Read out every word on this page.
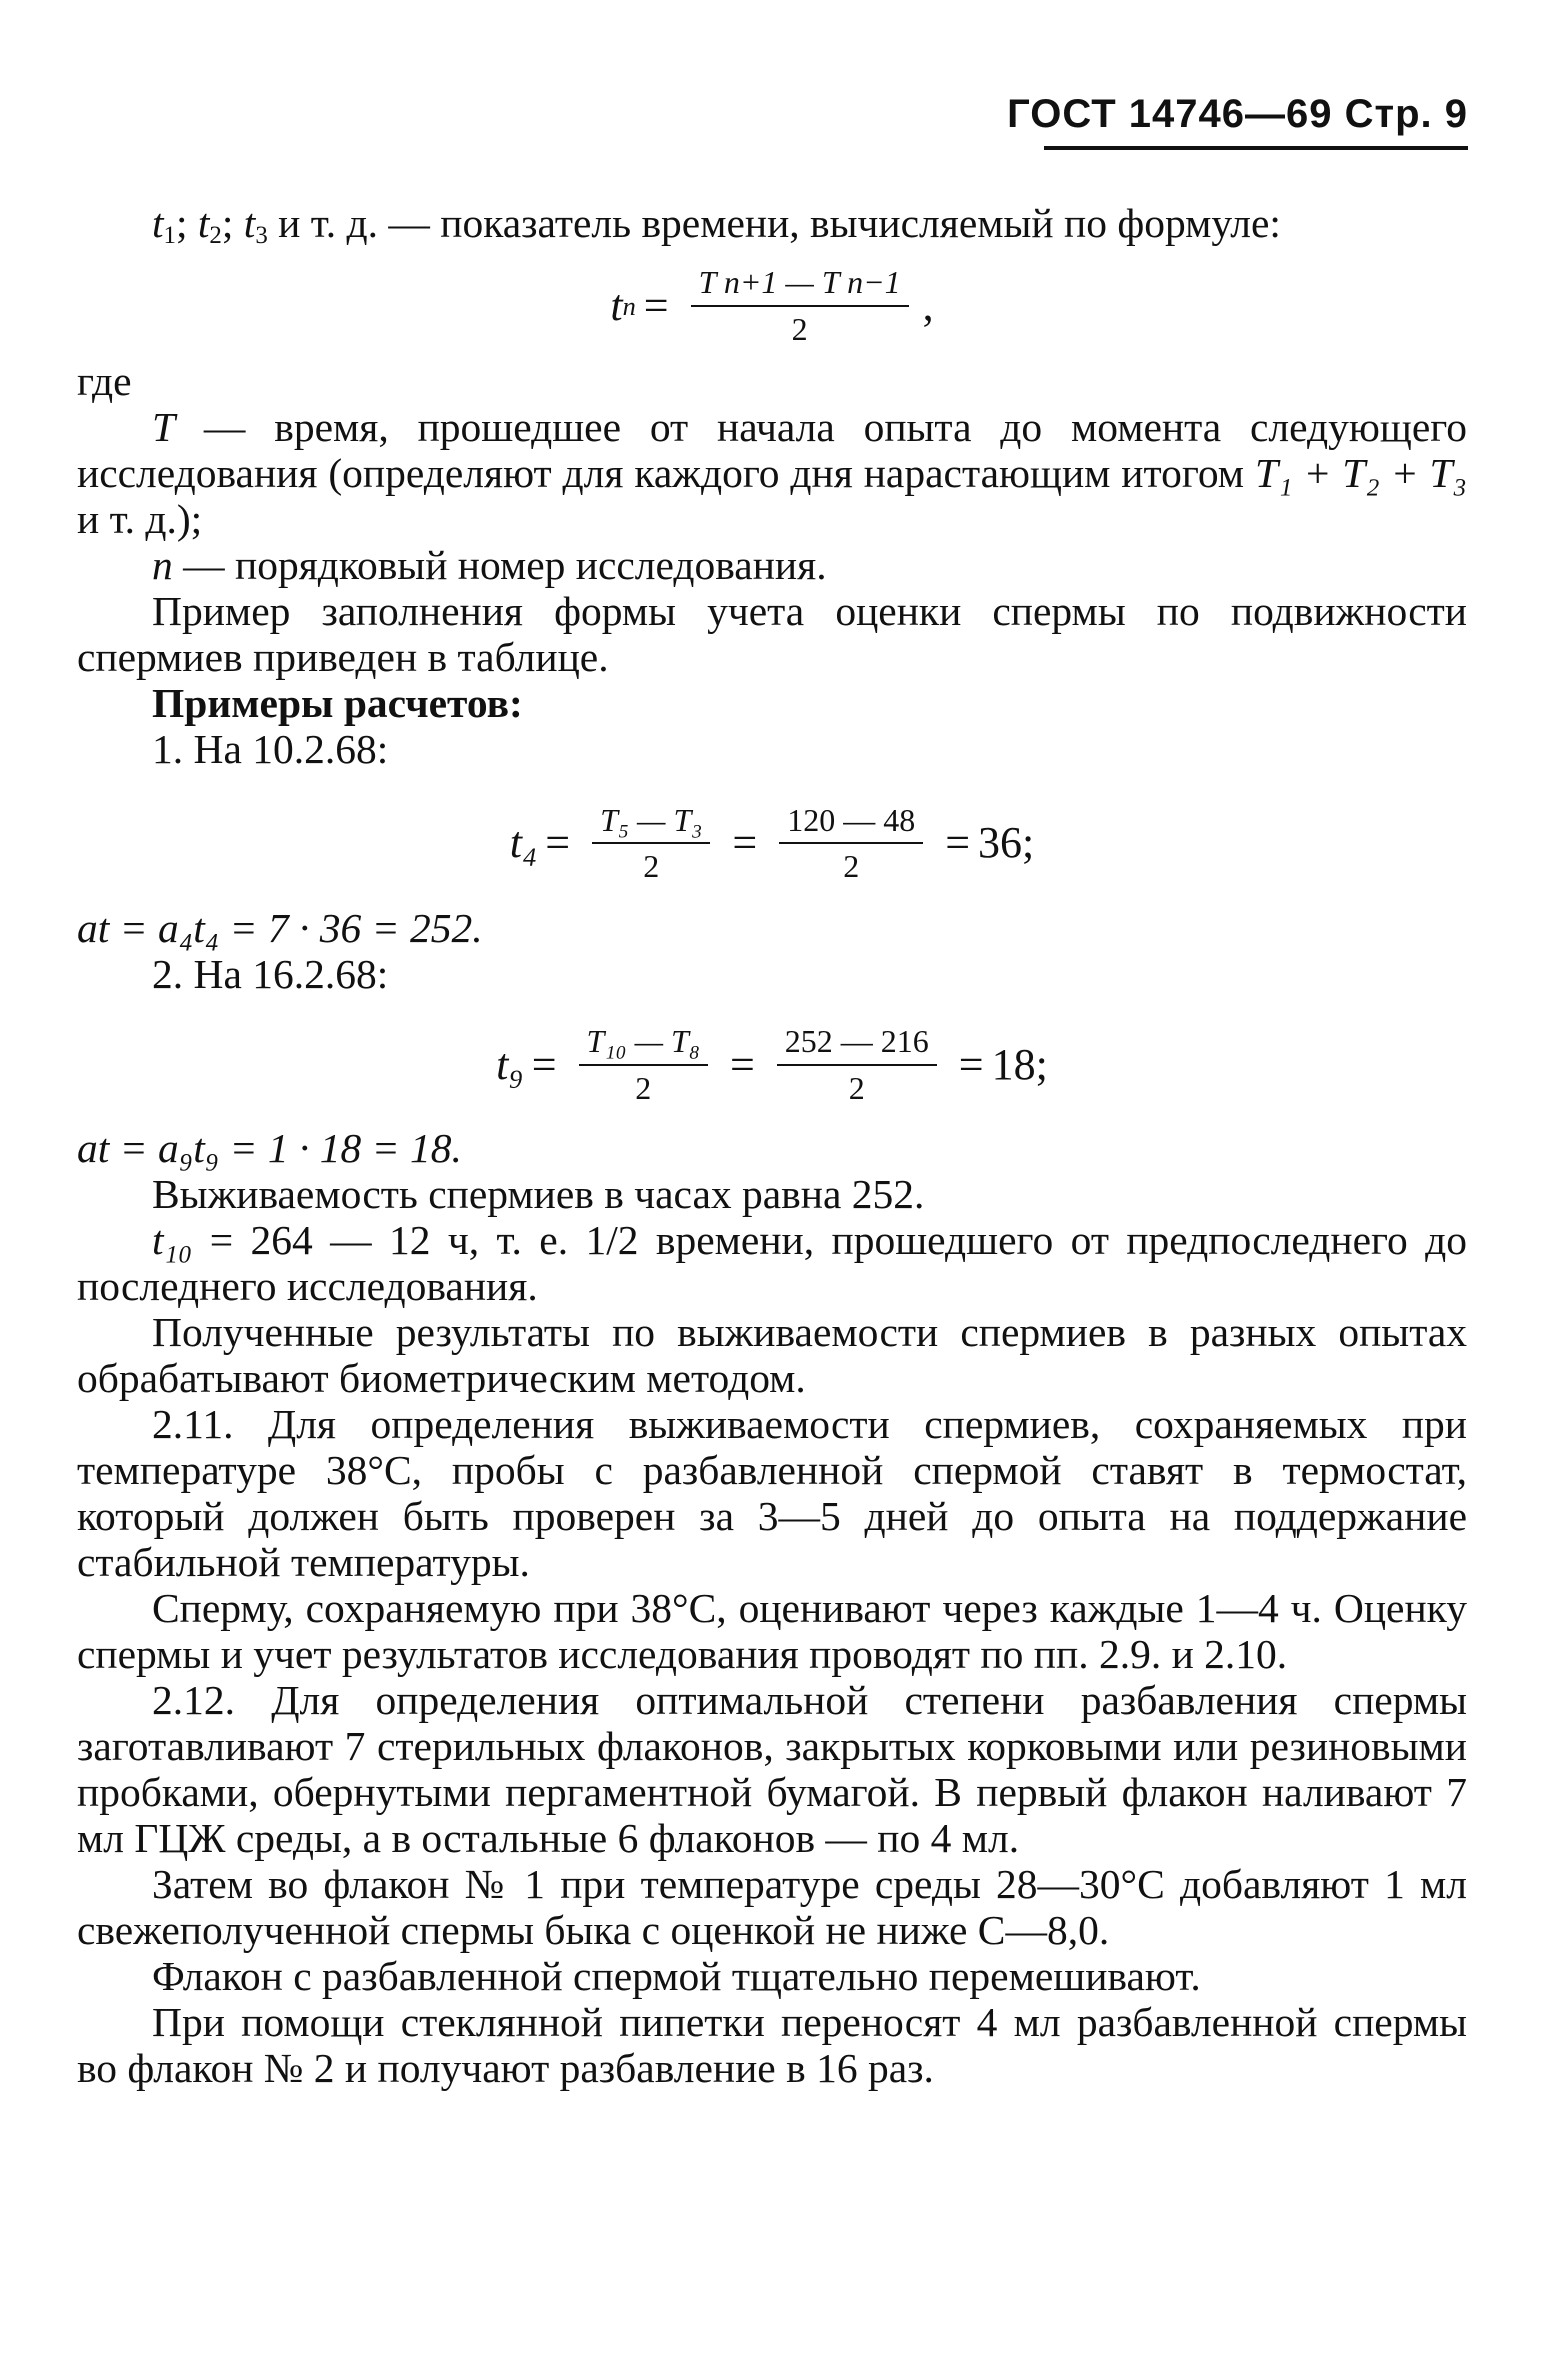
ГОСТ 14746—69 Стр. 9

$t_1$; $t_2$; $t_3$ и т. д. — показатель времени, вычисляемый по формуле:

t $n = \frac{\text{T n+1 — T n−1}}{2}$ ,

где

T — время, прошедшее от начала опыта до момента следующего исследования (определяют для каждого дня нарастающим итогом T₁ + T₂ + T₃ и т. д.);

n — порядковый номер исследования.

Пример заполнения формы учета оценки спермы по подвижности спермиев приведен в таблице.

Примеры расчетов:

1. На 10.2.68:

$t_4 = \frac{\text{T₅ — T₃}}{2} = \frac{120 — 48}{2} = 36$;

at = a₄t₄ = 7 · 36 = 252.

2. На 16.2.68:

$t_9 = \frac{\text{T₁₀ — T₈}}{2} = \frac{252 — 216}{2} = 18$;

at = a₉t₉ = 1 · 18 = 18.

Выживаемость спермиев в часах равна 252.

t₁₀ = 264 — 12 ч, т. е. 1/2 времени, прошедшего от предпоследнего до последнего исследования.

Полученные результаты по выживаемости спермиев в разных опытах обрабатывают биометрическим методом.

2.11. Для определения выживаемости спермиев, сохраняемых при температуре 38°С, пробы с разбавленной спермой ставят в термостат, который должен быть проверен за 3—5 дней до опыта на поддержание стабильной температуры.

Сперму, сохраняемую при 38°С, оценивают через каждые 1—4 ч. Оценку спермы и учет результатов исследования проводят по пп. 2.9. и 2.10.

2.12. Для определения оптимальной степени разбавления спермы заготавливают 7 стерильных флаконов, закрытых корковыми или резиновыми пробками, обернутыми пергаментной бумагой. В первый флакон наливают 7 мл ГЦЖ среды, а в остальные 6 флаконов — по 4 мл.

Затем во флакон № 1 при температуре среды 28—30°С добавляют 1 мл свежеполученной спермы быка с оценкой не ниже С—8,0.

Флакон с разбавленной спермой тщательно перемешивают.

При помощи стеклянной пипетки переносят 4 мл разбавленной спермы во флакон № 2 и получают разбавление в 16 раз.
